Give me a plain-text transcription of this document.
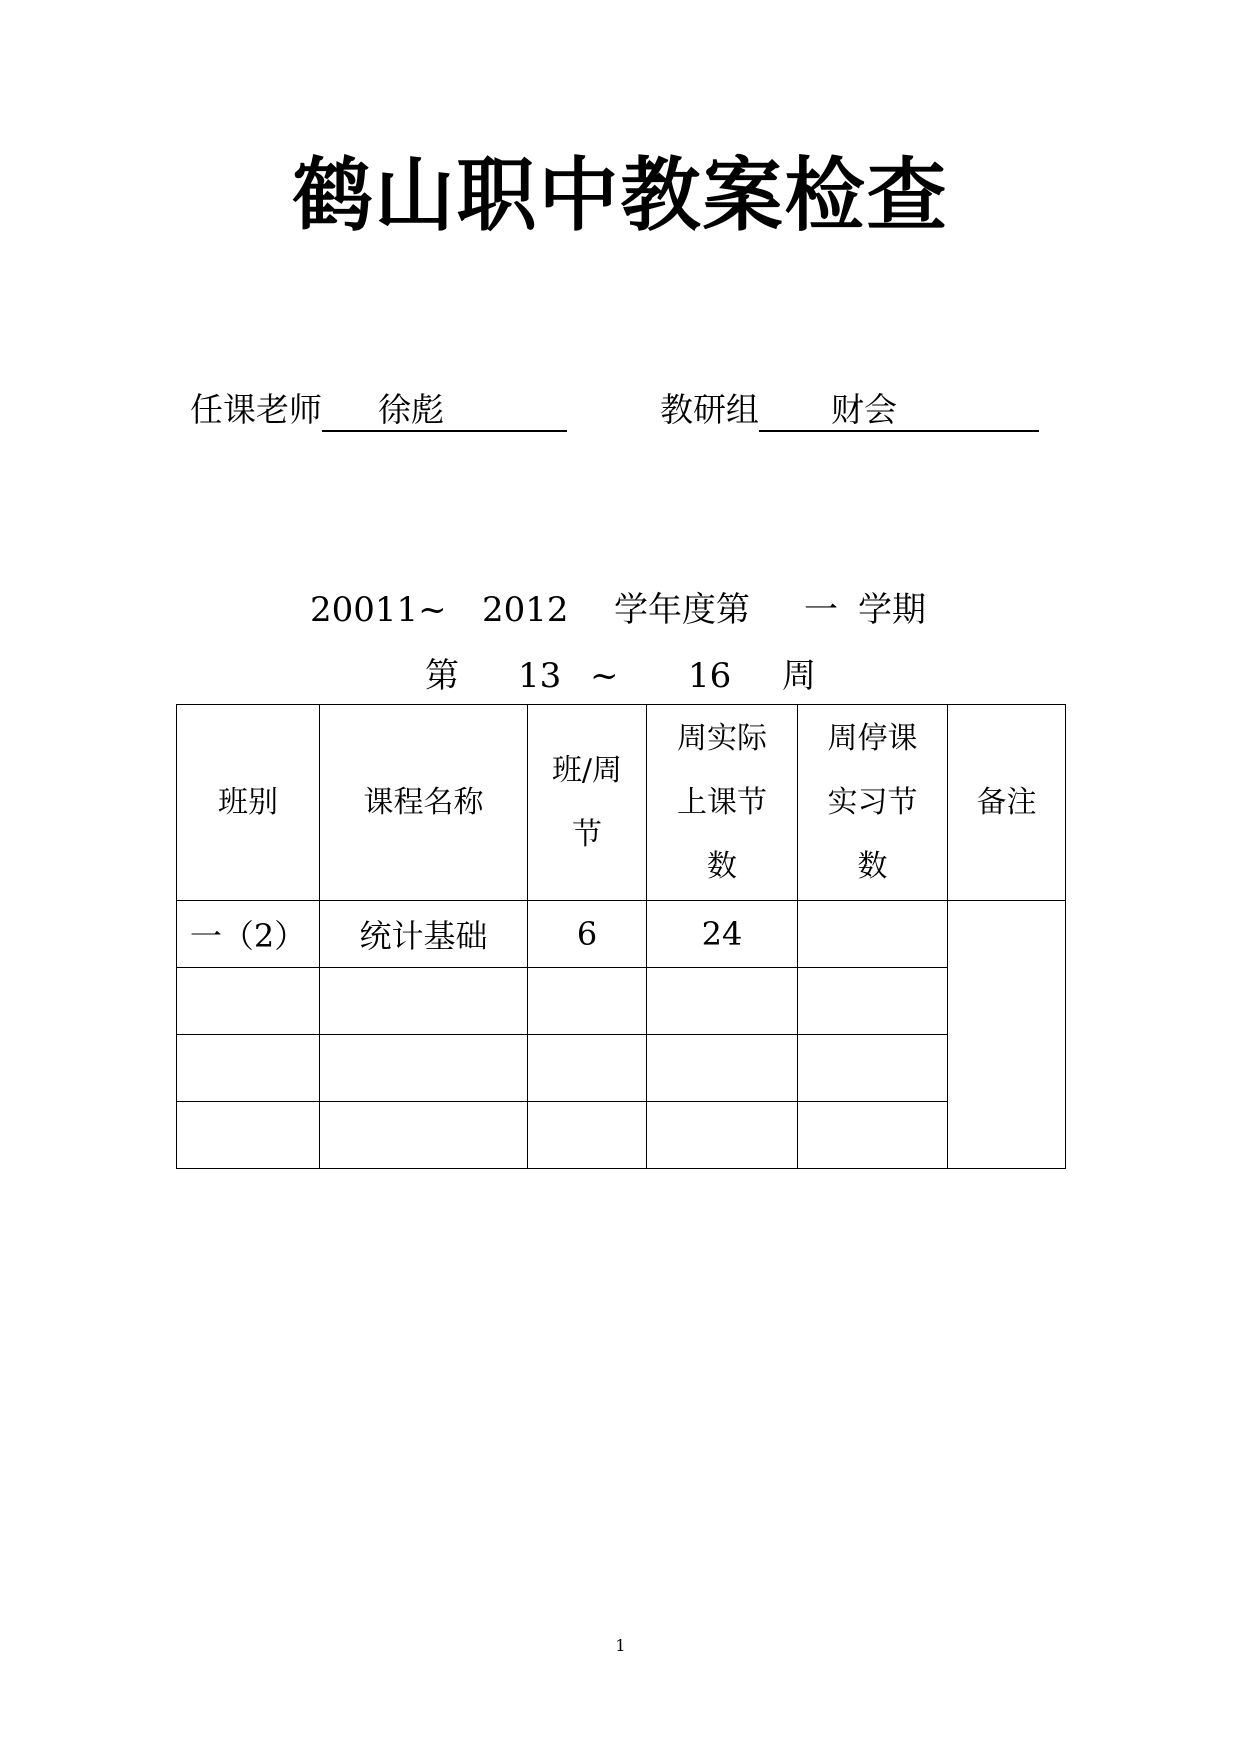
鹤山职中教案检查
任课老师 徐彪	教研组 财会
20011~ 2012 学年度第 一 学期
第 13 ~ 16 周
班别	课程名称	班/周节	周实际上课节数	周停课实习节数	备注
一（2）	统计基础	6	24		

1
